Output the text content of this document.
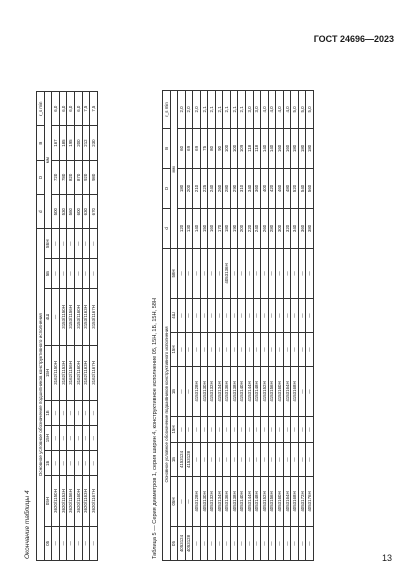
ГОСТ 24696—2023
Окончание таблицы 4
Основное условное обозначение подшипников конструктивного исполнения									d	D	B	r_s min
05	05H	1Б	15H	1Б	15H	4Ш	5Б	5БH	мм			
—	3620/1150Н	—	—	—	3162/1150Н	—	—	—	500	720	167	6,0
—	3620/1153Н	—	—	—	3162/1153Н	3153/1150Н	—	—	530	780	185	6,0
—	3620/1156Н	—	—	—	3162/1156Н	3153/1156Н	—	—	560	820	195	6,0
—	3620/1160Н	—	—	—	3162/1160Н	3153/1160Н	—	—	600	870	200	6,0
—	3620/1163Н	—	—	—	3162/1163Н	3153/1163Н	—	—	630	920	212	7,5
—	3620/1167Н	—	—	—	3162/1167Н	3153/1167Н	—	—	670	980	230	7,5
Таблица 5 — Серия диаметров 1, серия ширин 4, конструктивное исполнение 05, 15H, 1Б, 15H, 58H Основное условное обозначение подшипников конструктивного исполнения								d	D	B	r_s min
05	05H	1Б	15H	1Б	15H	4Ш	58H	мм			
4053124	—	4153124	—	—	—	—	—	120	180	60	2,0
4053128	—	4153128	—	—	—	—	—	130	200	69	2,0
—	4053128Н	—	—	4153128Н	—	—	—	140	210	69	2,0
—	4053130Н	—	—	4153130Н	—	—	—	150	225	75	2,1
—	4053132Н	—	—	4153132Н	—	—	—	160	240	80	2,1
—	4053134Н	—	—	4153134Н	—	—	—	170	260	90	2,1
—	4053136Н	—	—	4153136Н	—	—	4053136Н	180	280	100	2,1
—	4053138Н	—	—	4153138Н	—	—	—	190	290	100	2,1
—	4053140Н	—	—	4153140Н	—	—	—	200	310	109	2,1
—	4053144Н	—	—	4153144Н	—	—	—	220	340	118	3,0
—	4053148Н	—	—	4153148Н	—	—	—	240	360	118	3,0
—	4053152Н	—	—	4153152Н	—	—	—	260	400	140	4,0
—	4053156Н	—	—	4153156Н	—	—	—	280	420	140	4,0
—	4053160Н	—	—	4153160Н	—	—	—	300	460	160	4,0
—	4053164Н	—	—	4153164Н	—	—	—	320	480	160	4,0
—	4053168Н	—	—	4153168Н	—	—	—	340	520	180	5,0
—	4053172Н	—	—	—	—	—	—	360	540	180	5,0
—	4053176Н	—	—	—	—	—	—	380	560	180	5,0
13
